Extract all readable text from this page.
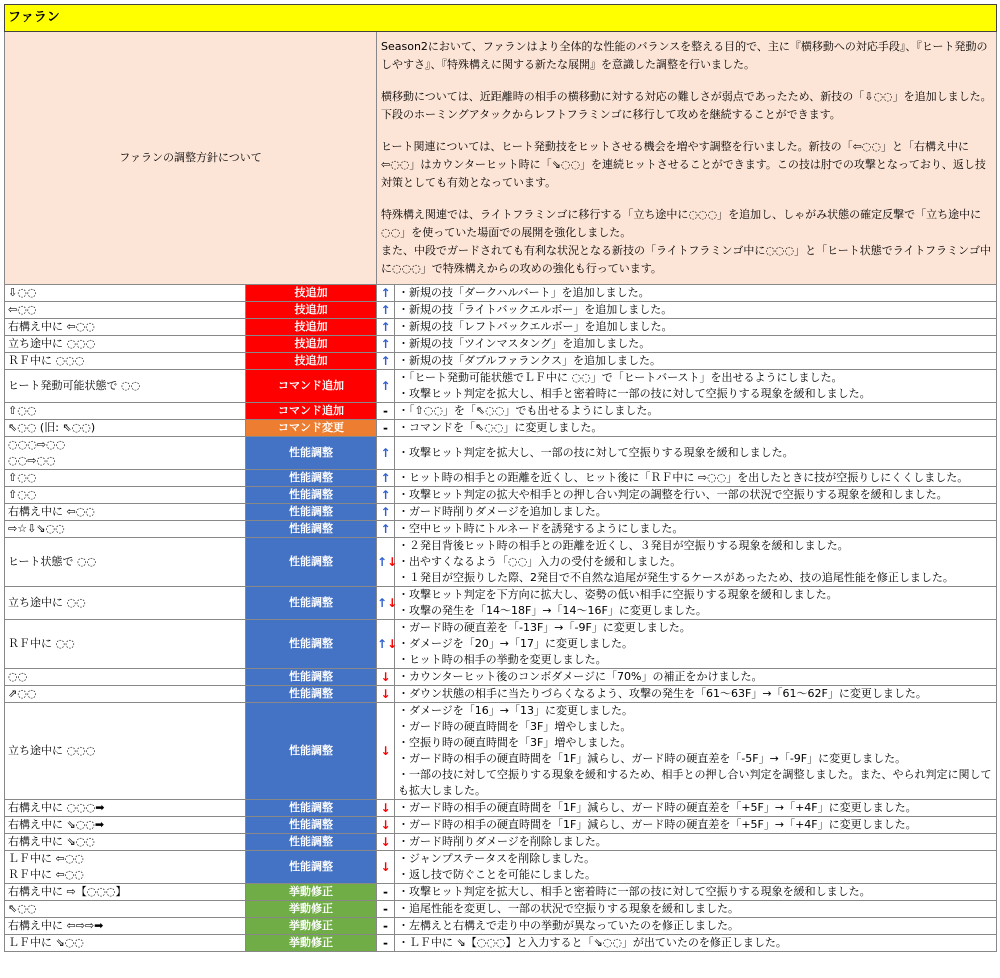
ファラン			
ファランの調整方針について		Season2において、ファランはより全体的な性能のバランスを整える目的で、主に『横移動への対応手段』、『ヒート発動のしやすさ』、『特殊構えに関する新たな展開』を意識した調整を行いました。

横移動については、近距離時の相手の横移動に対する対応の難しさが弱点であったため、新技の「⇩◌◌」を追加しました。下段のホーミングアタックからレフトフラミンゴに移行して攻めを継続することができます。

ヒート関連については、ヒート発動技をヒットさせる機会を増やす調整を行いました。新技の「⇦◌◌」と「右構え中に⇦◌◌」はカウンターヒット時に「⇘◌◌」を連続ヒットさせることができます。この技は肘での攻撃となっており、返し技対策としても有効となっています。

特殊構え関連では、ライトフラミンゴに移行する「立ち途中に◌◌◌」を追加し、しゃがみ状態の確定反撃で「立ち途中に◌◌」を使っていた場面での展開を強化しました。
また、中段でガードされても有利な状況となる新技の「ライトフラミンゴ中に◌◌◌」と「ヒート状態でライトフラミンゴ中に◌◌◌」で特殊構えからの攻めの強化も行っています。	

⇩◌◌	技追加	↑	・新規の技「ダークハルバート」を追加しました。

⇦◌◌	技追加	↑	・新規の技「ライトバックエルボー」を追加しました。

右構え中に ⇦◌◌	技追加	↑	・新規の技「レフトバックエルボー」を追加しました。

立ち途中に ◌◌◌	技追加	↑	・新規の技「ツインマスタング」を追加しました。

ＲＦ中に ◌◌◌	技追加	↑	・新規の技「ダブルファランクス」を追加しました。

ヒート発動可能状態で ◌◌	コマンド追加	↑	・「ヒート発動可能状態でＬＦ中に ◌◌」で「ヒートバースト」を出せるようにしました。
・攻撃ヒット判定を拡大し、相手と密着時に一部の技に対して空振りする現象を緩和しました。

⇧◌◌	コマンド追加	-	・「⇧◌◌」を「⇖◌◌」でも出せるようにしました。

⇖◌◌ (旧: ⇖◌◌)	コマンド変更	-	・コマンドを「⇖◌◌」に変更しました。

◌◌◌⇨◌◌
◌◌⇨◌◌	性能調整	↑	・攻撃ヒット判定を拡大し、一部の技に対して空振りする現象を緩和しました。

⇧◌◌	性能調整	↑	・ヒット時の相手との距離を近くし、ヒット後に「ＲＦ中に ⇨◌◌」を出したときに技が空振りしにくくしました。

⇧◌◌	性能調整	↑	・攻撃ヒット判定の拡大や相手との押し合い判定の調整を行い、一部の状況で空振りする現象を緩和しました。

右構え中に ⇦◌◌	性能調整	↑	・ガード時削りダメージを追加しました。

⇨☆⇩⇘◌◌	性能調整	↑	・空中ヒット時にトルネードを誘発するようにしました。

ヒート状態で ◌◌	性能調整	↑↓	・２発目背後ヒット時の相手との距離を近くし、３発目が空振りする現象を緩和しました。
・出やすくなるよう「◌◌」入力の受付を緩和しました。
・１発目が空振りした際、2発目で不自然な追尾が発生するケースがあったため、技の追尾性能を修正しました。

立ち途中に ◌◌	性能調整	↑↓	・攻撃ヒット判定を下方向に拡大し、姿勢の低い相手に空振りする現象を緩和しました。
・攻撃の発生を「14～18F」→「14～16F」に変更しました。

ＲＦ中に ◌◌	性能調整	↑↓	・ガード時の硬直差を「-13F」→「-9F」に変更しました。
・ダメージを「20」→「17」に変更しました。
・ヒット時の相手の挙動を変更しました。

◌◌	性能調整	↓	・カウンターヒット後のコンボダメージに「70%」の補正をかけました。

⇗◌◌	性能調整	↓	・ダウン状態の相手に当たりづらくなるよう、攻撃の発生を「61～63F」→「61～62F」に変更しました。

立ち途中に ◌◌◌	性能調整	↓	・ダメージを「16」→「13」に変更しました。
・ガード時の硬直時間を「3F」増やしました。
・空振り時の硬直時間を「3F」増やしました。
・ガード時の相手の硬直時間を「1F」減らし、ガード時の硬直差を「-5F」→「-9F」に変更しました。
・一部の技に対して空振りする現象を緩和するため、相手との押し合い判定を調整しました。また、やられ判定に関しても拡大しました。

右構え中に ◌◌◌➡	性能調整	↓	・ガード時の相手の硬直時間を「1F」減らし、ガード時の硬直差を「+5F」→「+4F」に変更しました。

右構え中に ⇘◌◌➡	性能調整	↓	・ガード時の相手の硬直時間を「1F」減らし、ガード時の硬直差を「+5F」→「+4F」に変更しました。

右構え中に ⇘◌◌	性能調整	↓	・ガード時削りダメージを削除しました。

ＬＦ中に ⇦◌◌
ＲＦ中に ⇦◌◌	性能調整	↓	・ジャンプステータスを削除しました。
・返し技で防ぐことを可能にしました。

右構え中に ⇨【◌◌◌】	挙動修正	-	・攻撃ヒット判定を拡大し、相手と密着時に一部の技に対して空振りする現象を緩和しました。

⇖◌◌	挙動修正	-	・追尾性能を変更し、一部の状況で空振りする現象を緩和しました。

右構え中に ⇦⇨⇨➡	挙動修正	-	・左構えと右構えで走り中の挙動が異なっていたのを修正しました。

ＬＦ中に ⇘◌◌	挙動修正	-	・ＬＦ中に ⇘【◌◌◌】と入力すると「⇘◌◌」が出ていたのを修正しました。
